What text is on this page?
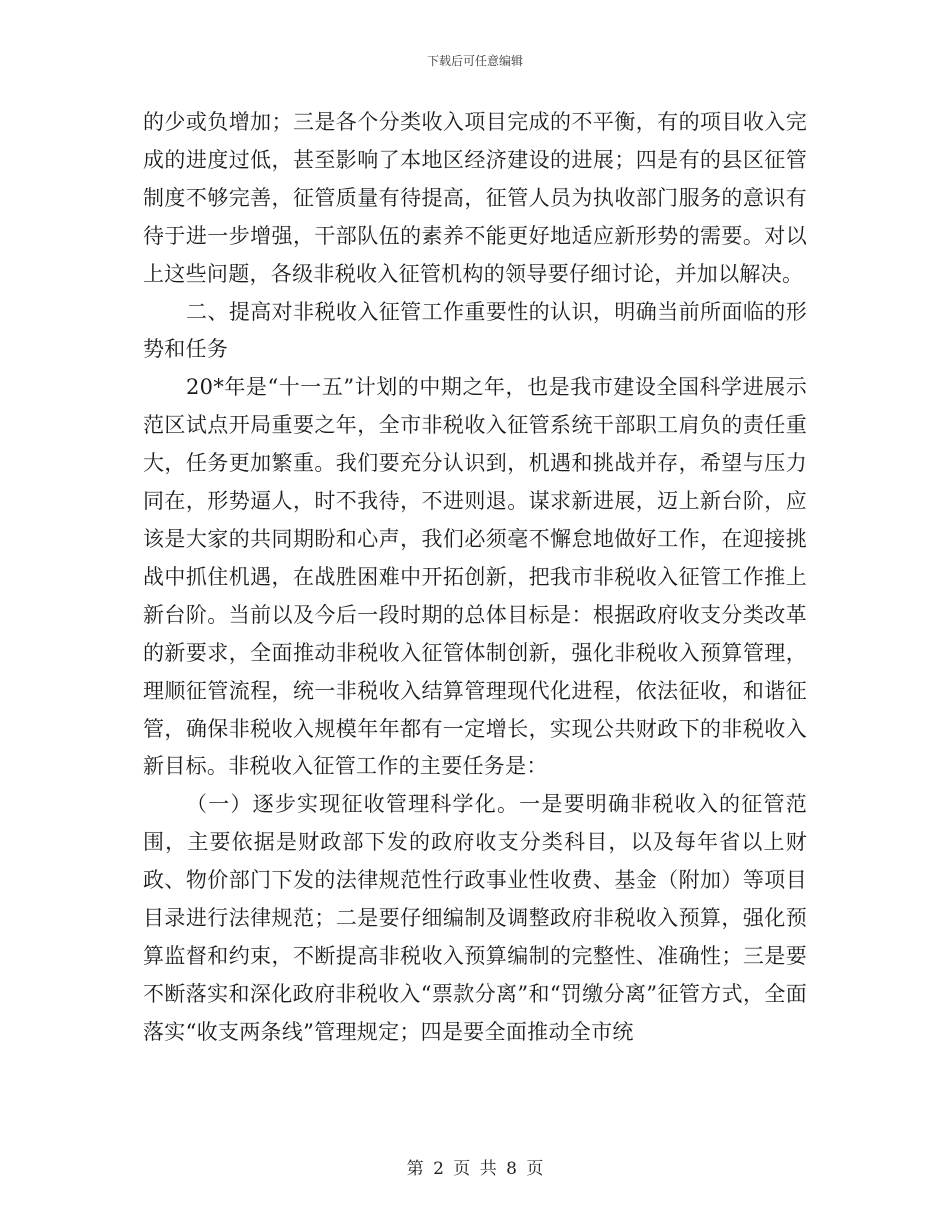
下载后可任意编辑

的少或负增加；三是各个分类收入项目完成的不平衡，有的项目收入完成的进度过低，甚至影响了本地区经济建设的进展；四是有的县区征管制度不够完善，征管质量有待提高，征管人员为执收部门服务的意识有待于进一步增强，干部队伍的素养不能更好地适应新形势的需要。对以上这些问题，各级非税收入征管机构的领导要仔细讨论，并加以解决。

二、提高对非税收入征管工作重要性的认识，明确当前所面临的形势和任务

20*年是“十一五”计划的中期之年，也是我市建设全国科学进展示范区试点开局重要之年，全市非税收入征管系统干部职工肩负的责任重大，任务更加繁重。我们要充分认识到，机遇和挑战并存，希望与压力同在，形势逼人，时不我待，不进则退。谋求新进展，迈上新台阶，应该是大家的共同期盼和心声，我们必须毫不懈怠地做好工作，在迎接挑战中抓住机遇，在战胜困难中开拓创新，把我市非税收入征管工作推上新台阶。当前以及今后一段时期的总体目标是：根据政府收支分类改革的新要求，全面推动非税收入征管体制创新，强化非税收入预算管理，理顺征管流程，统一非税收入结算管理现代化进程，依法征收，和谐征管，确保非税收入规模年年都有一定增长，实现公共财政下的非税收入新目标。非税收入征管工作的主要任务是：

（一）逐步实现征收管理科学化。一是要明确非税收入的征管范围，主要依据是财政部下发的政府收支分类科目，以及每年省以上财政、物价部门下发的法律规范性行政事业性收费、基金（附加）等项目目录进行法律规范；二是要仔细编制及调整政府非税收入预算，强化预算监督和约束，不断提高非税收入预算编制的完整性、准确性；三是要不断落实和深化政府非税收入“票款分离”和“罚缴分离”征管方式，全面落实“收支两条线”管理规定；四是要全面推动全市统

第 2 页 共 8 页
